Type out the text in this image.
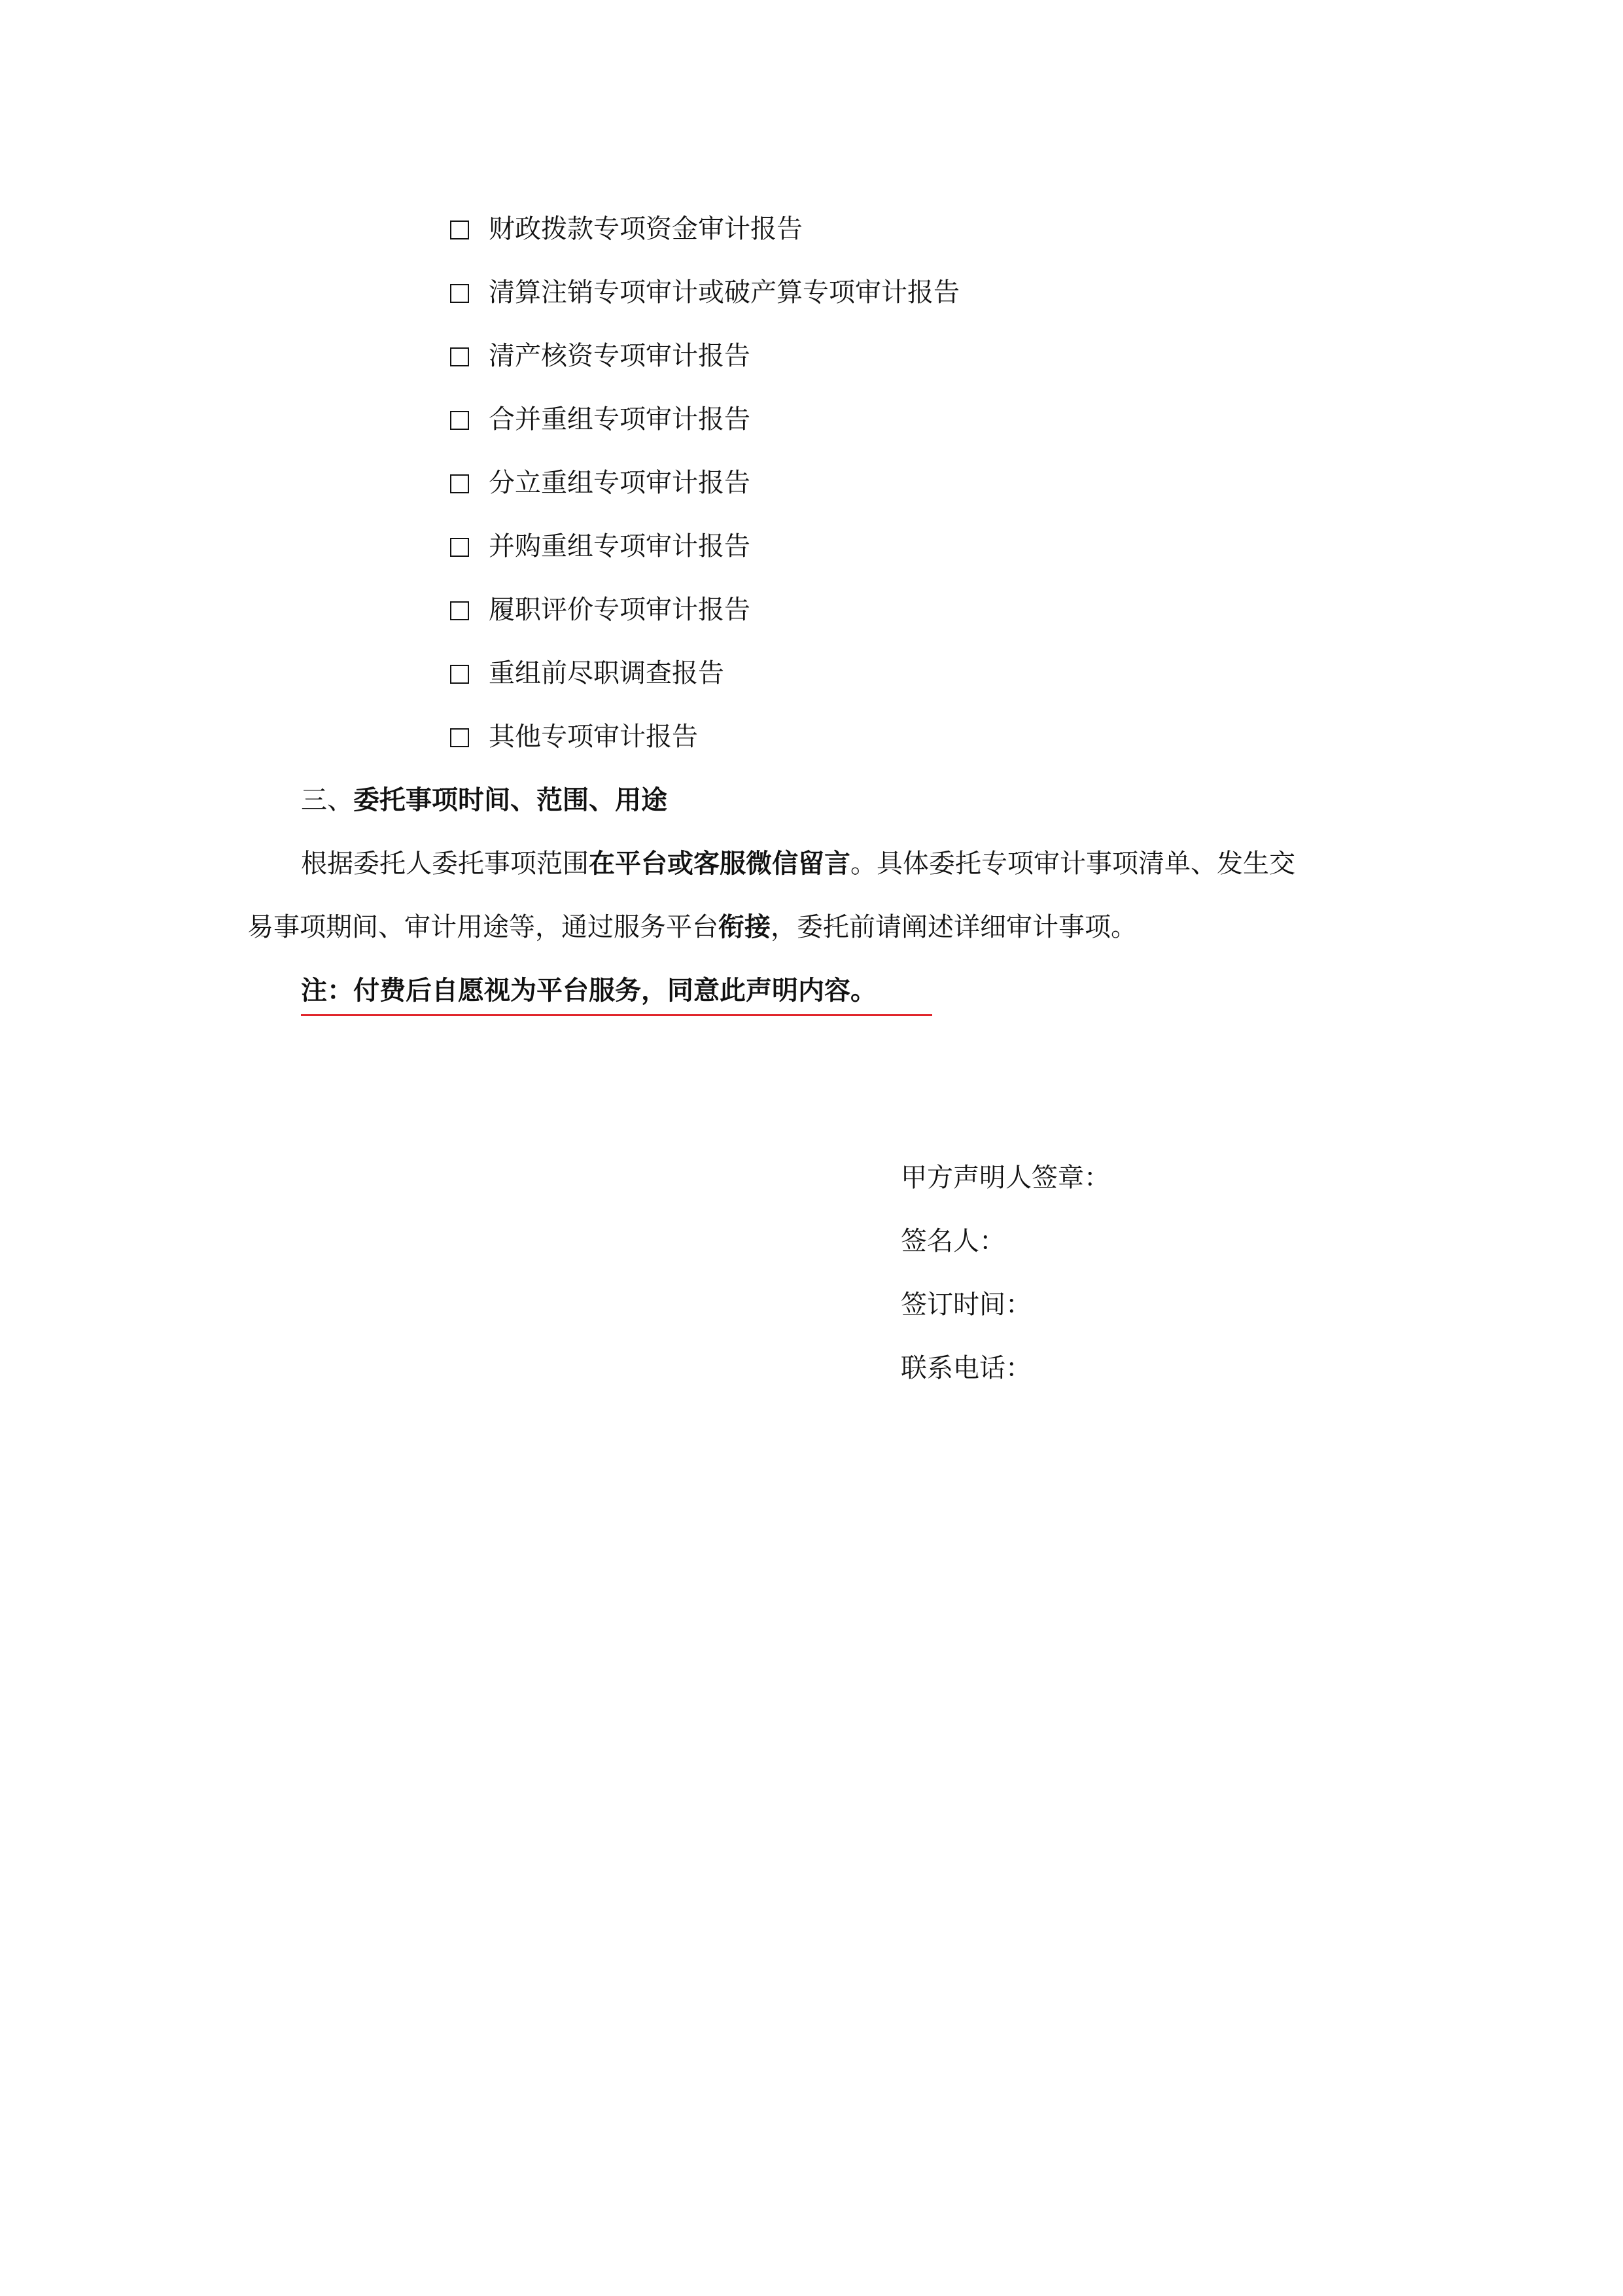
财政拨款专项资金审计报告
清算注销专项审计或破产算专项审计报告
清产核资专项审计报告
合并重组专项审计报告
分立重组专项审计报告
并购重组专项审计报告
履职评价专项审计报告
重组前尽职调查报告
其他专项审计报告
三、委托事项时间、范围、用途
根据委托人委托事项范围在平台或客服微信留言。具体委托专项审计事项清单、发生交
易事项期间、审计用途等，通过服务平台衔接，委托前请阐述详细审计事项。
注：付费后自愿视为平台服务，同意此声明内容。
甲方声明人签章：
签名人：
签订时间：
联系电话：
